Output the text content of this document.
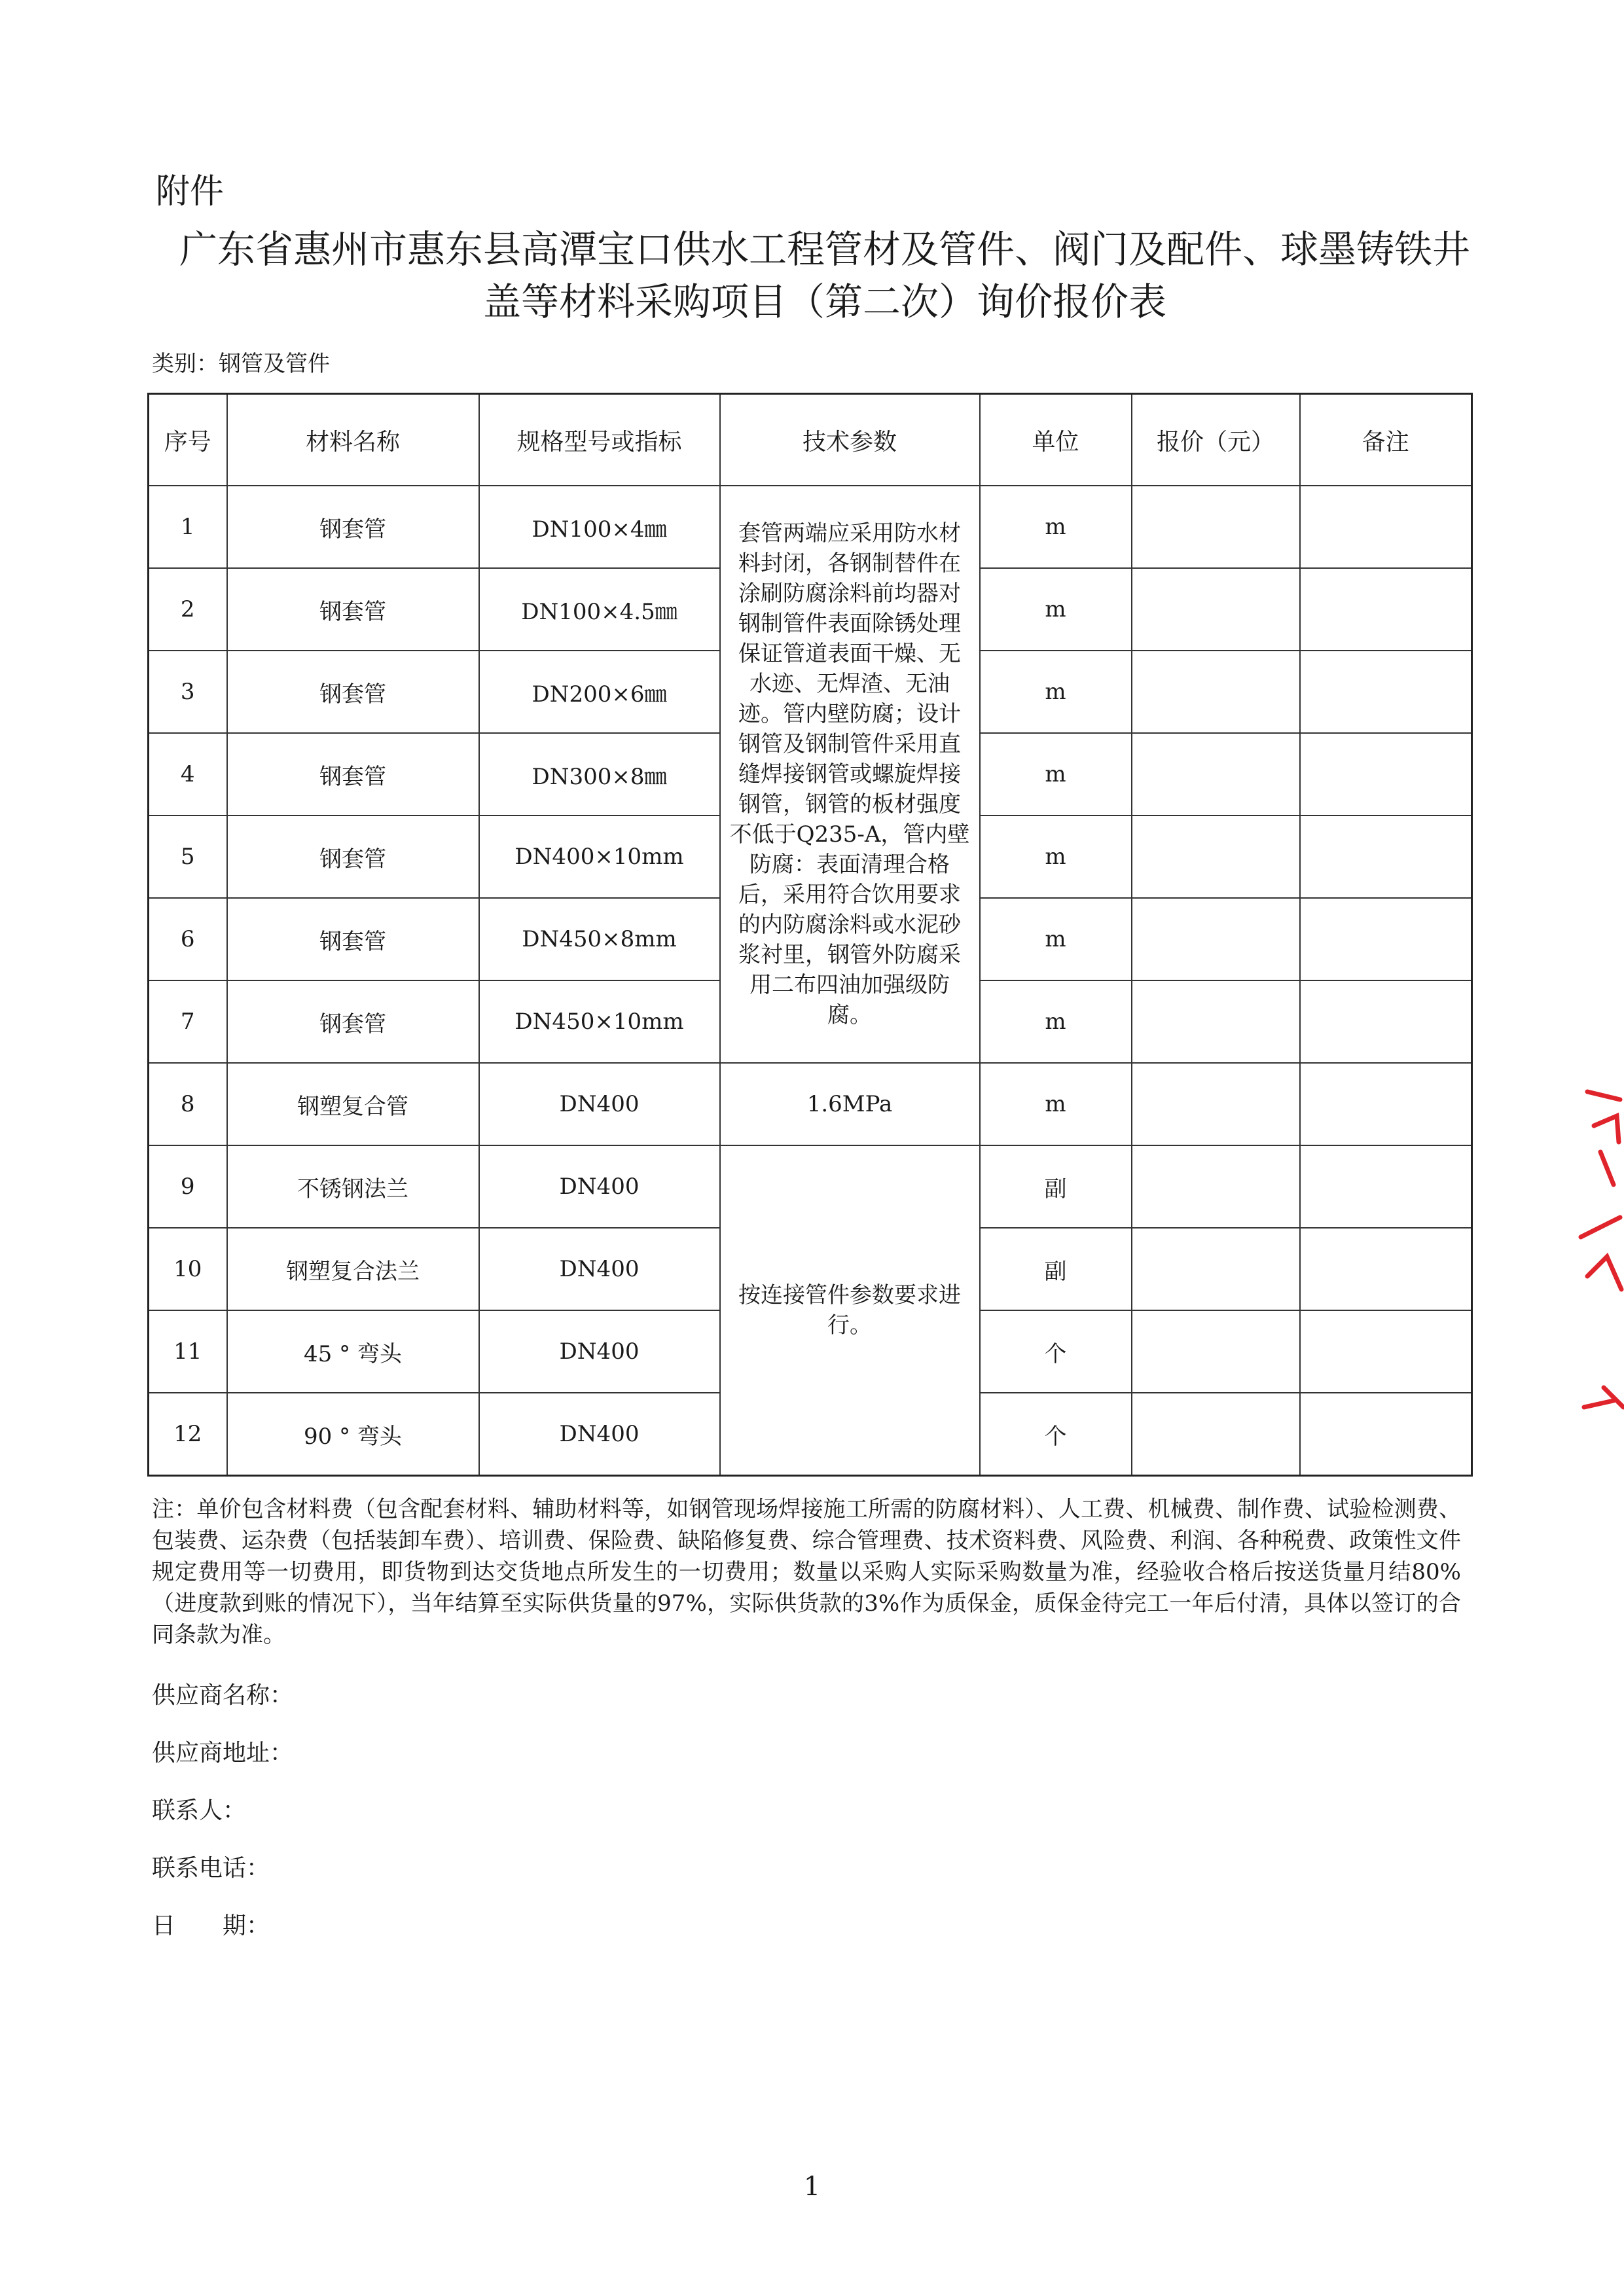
附件
广东省惠州市惠东县高潭宝口供水工程管材及管件、阀门及配件、球墨铸铁井
盖等材料采购项目（第二次）询价报价表
类别：钢管及管件
序号	材料名称	规格型号或指标	技术参数	单位	报价（元）	备注
1	钢套管	DN100×4㎜	套管两端应采用防水材料封闭，各钢制替件在涂刷防腐涂料前均器对钢制管件表面除锈处理保证管道表面干燥、无水迹、无焊渣、无油迹。管内壁防腐；设计钢管及钢制管件采用直缝焊接钢管或螺旋焊接钢管，钢管的板材强度不低于Q235-A，管内壁防腐：表面清理合格后，采用符合饮用要求的内防腐涂料或水泥砂浆衬里，钢管外防腐采用二布四油加强级防腐。	m		
2	钢套管	DN100×4.5㎜		m		
3	钢套管	DN200×6㎜		m		
4	钢套管	DN300×8㎜		m		
5	钢套管	DN400×10mm		m		
6	钢套管	DN450×8mm		m		
7	钢套管	DN450×10mm		m		
8	钢塑复合管	DN400	1.6MPa	m		
9	不锈钢法兰	DN400	按连接管件参数要求进行。	副		
10	钢塑复合法兰	DN400		副		
11	45 ° 弯头	DN400		个		
12	90 ° 弯头	DN400		个		
注：单价包含材料费（包含配套材料、辅助材料等，如钢管现场焊接施工所需的防腐材料）、人工费、机械费、制作费、试验检测费、包装费、运杂费（包括装卸车费）、培训费、保险费、缺陷修复费、综合管理费、技术资料费、风险费、利润、各种税费、政策性文件规定费用等一切费用，即货物到达交货地点所发生的一切费用；数量以采购人实际采购数量为准，经验收合格后按送货量月结80%（进度款到账的情况下），当年结算至实际供货量的97%，实际供货款的3%作为质保金，质保金待完工一年后付清，具体以签订的合同条款为准。
供应商名称：
供应商地址：
联系人：
联系电话：
日　　期：
1
